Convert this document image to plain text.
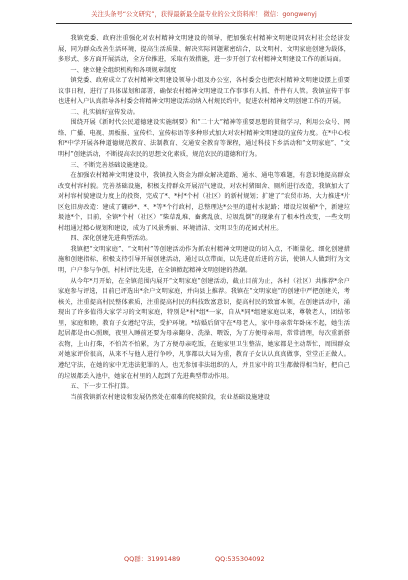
关注头条号“公文研究”，获得最新最全最专业的公文资料库！ 微信：gongwenyj

我镇党委、政府注重强化对农村精神文明建设的领导，把加强农村精神文明建设同农村社会经济发展，同为群众改善生活环境，提高生活质量、解决实际问题紧密结合，以文明村、文明家庭创建为载体，多形式、多方面开展活动，全方位推进，采取有效措施，进一步开创了农村精神文明建设工作的新局面。

一、建立健全组织机构和各项规章制度

镇党委、政府成立了农村精神文明建设领导小组及办公室，各村委会也把农村精神文明建设摆上重要议事日程，进行了具体谋划和部署，确保农村精神文明建设工作事事有人抓、件件有人管。我镇宣传干事也进村入户认真指导各村委会将精神文明建设活动纳入村规民约中，促进农村精神文明创建工作的开展。

二、扎实搞好宣传发动。

围绕开展《新时代公民道德建设实施纲要》和“二十大”精神等重要思想的贯彻学习，利用公众号、网络、广播、电视、黑板报、宣传栏、宣传标语等多种形式加大对农村精神文明建设的宣传力度。在*中心校和*中学开展各种道德规范教育、法制教育、交通安全教育等课程，通过科技下乡活动和“文明家庭”、“文明村”创建活动，不断提高农民的思想文化素质，规范农民的道德和行为。

三、不断完善基础设施建设。

在加强农村精神文明建设中，我镇投入资金为群众解决道路、通水、通电等难题，有意识地提高群众改变村容村貌。完善基础设施，积极支持群众开展沼气建设，对农村猪圈舍、厕所进行改造，我镇加大了对村容村貌建设力度上的投资，完成了*、*村*个村（社区）的新村规划；扩建了“农贸市场、大力推进*片区危旧房改造：建成了硼砂*、*、*等*个行政村，总整理达*公里的道村水泥路；增设垃圾桶*个，新建垃圾池*个，目前，全镇*个村（社区）“柴草乱堆、畜禽乱放、垃圾乱倒”的现象有了根本性改变，一些文明村组通过精心规划和建设，成为了风景秀丽、环境清洁、文明卫生的花园式村庄。

四、深化创建先进典型活动。

我镇把“文明家庭”、“文明村”等创建活动作为抓农村精神文明建设的切入点，不断量化、细化创建措施和创建指标，积极支持引导开展创建活动，通过以点带面，以先进促后进的方法，使镇人人做到行为文明，户户参与争创，村村评比先进，在全镇掀起精神文明创建的热潮。

从今年*月开始，在全镇范围内展开“文明家庭”创建活动，截止目前为止，各村（社区）共推荐*余户家庭参与评选，目前已评选出*余户文明家庭，并向县上推荐。我镇在“文明家庭”的创建中严把创建关，考核关，注重提高村民整体素质，注重提高村民的科技致富意识，提高村民的致富本领，在创建活动中，涌现出了许多值得大家学习的文明家庭，特别是*村*组*一家，自从*同*组建家庭以来，尊敬老人，团结邻里，家庭和睦，教育子女遵纪守法，受护环境。*结婚后留守在*母老人，家中母亲常年卧床不起，她生活起居都是由心照顾，夜里入睡前还要为母亲翻身、洗澡、喂饭，为了方便母亲用，常常清理，每次重新搭衣物，上山打柴，不怕苦不怕累，为了方便母亲吃饭，在她家里卫生整洁，她家都是主动帮忙，周围群众对她家评价很高，从来不与他人进行争吵，凡事都以大局为重，教育子女认认真真做事，堂堂正正做人。遵纪守法，在她的家中无违法犯罪的人，也无参加非法组织的人，并且家中的卫生都做得相当好，把自己的垃圾都丢入池中，她家在村里的人起到了先进典型带动作用。

五、下一步工作打算。

当前我镇新农村建设和发展仍然处在艰难的爬坡阶段，农业基础设施建设

QQ群：31991489	QQ:535304092
